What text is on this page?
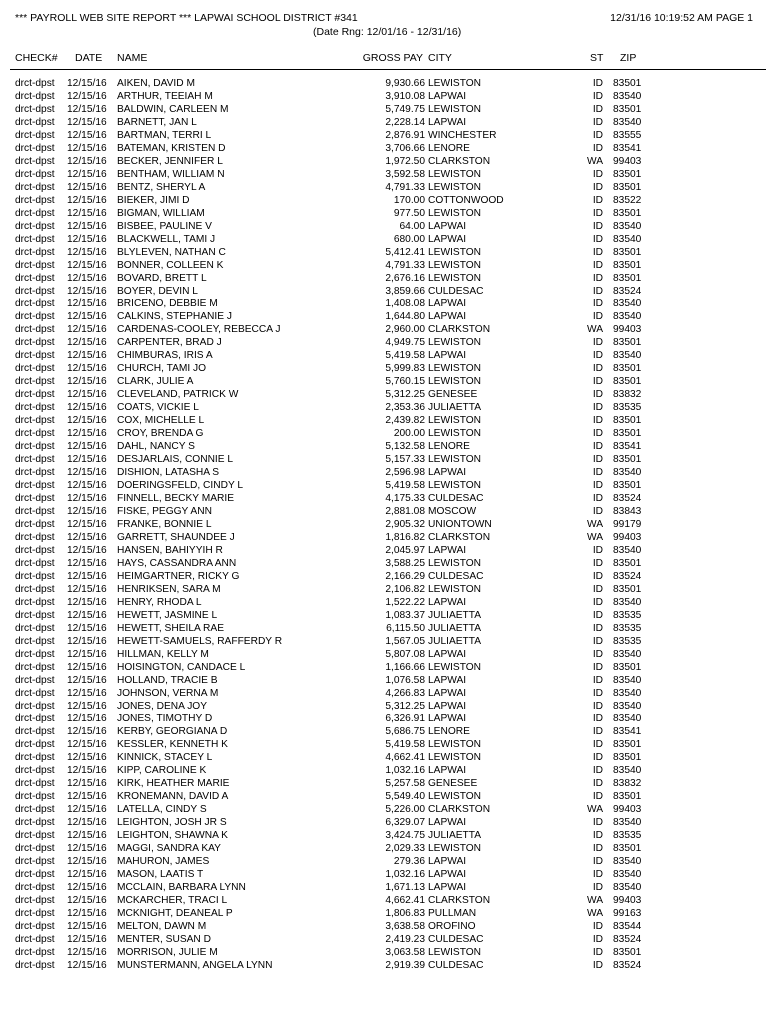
*** PAYROLL WEB SITE REPORT *** LAPWAI SCHOOL DISTRICT #341
(Date Rng: 12/01/16 - 12/31/16)
12/31/16 10:19:52 AM PAGE 1
CHECK# DATE NAME	GROSS PAY CITY	ST ZIP
drct-dpst 12/15/16 AIKEN, DAVID M	9,930.66 LEWISTON	ID 83501
drct-dpst 12/15/16 ARTHUR, TEEIAH M	3,910.08 LAPWAI	ID 83540
drct-dpst 12/15/16 BALDWIN, CARLEEN M	5,749.75 LEWISTON	ID 83501
drct-dpst 12/15/16 BARNETT, JAN L	2,228.14 LAPWAI	ID 83540
drct-dpst 12/15/16 BARTMAN, TERRI L	2,876.91 WINCHESTER	ID 83555
drct-dpst 12/15/16 BATEMAN, KRISTEN D	3,706.66 LENORE	ID 83541
drct-dpst 12/15/16 BECKER, JENNIFER L	1,972.50 CLARKSTON	WA 99403
drct-dpst 12/15/16 BENTHAM, WILLIAM N	3,592.58 LEWISTON	ID 83501
drct-dpst 12/15/16 BENTZ, SHERYL A	4,791.33 LEWISTON	ID 83501
drct-dpst 12/15/16 BIEKER, JIMI D	170.00 COTTONWOOD	ID 83522
drct-dpst 12/15/16 BIGMAN, WILLIAM	977.50 LEWISTON	ID 83501
drct-dpst 12/15/16 BISBEE, PAULINE V	64.00 LAPWAI	ID 83540
drct-dpst 12/15/16 BLACKWELL, TAMI J	680.00 LAPWAI	ID 83540
drct-dpst 12/15/16 BLYLEVEN, NATHAN C	5,412.41 LEWISTON	ID 83501
drct-dpst 12/15/16 BONNER, COLLEEN K	4,791.33 LEWISTON	ID 83501
drct-dpst 12/15/16 BOVARD, BRETT L	2,676.16 LEWISTON	ID 83501
drct-dpst 12/15/16 BOYER, DEVIN L	3,859.66 CULDESAC	ID 83524
drct-dpst 12/15/16 BRICENO, DEBBIE M	1,408.08 LAPWAI	ID 83540
drct-dpst 12/15/16 CALKINS, STEPHANIE J	1,644.80 LAPWAI	ID 83540
drct-dpst 12/15/16 CARDENAS-COOLEY, REBECCA J	2,960.00 CLARKSTON	WA 99403
drct-dpst 12/15/16 CARPENTER, BRAD J	4,949.75 LEWISTON	ID 83501
drct-dpst 12/15/16 CHIMBURAS, IRIS A	5,419.58 LAPWAI	ID 83540
drct-dpst 12/15/16 CHURCH, TAMI JO	5,999.83 LEWISTON	ID 83501
drct-dpst 12/15/16 CLARK, JULIE A	5,760.15 LEWISTON	ID 83501
drct-dpst 12/15/16 CLEVELAND, PATRICK W	5,312.25 GENESEE	ID 83832
drct-dpst 12/15/16 COATS, VICKIE L	2,353.36 JULIAETTA	ID 83535
drct-dpst 12/15/16 COX, MICHELLE L	2,439.82 LEWISTON	ID 83501
drct-dpst 12/15/16 CROY, BRENDA G	200.00 LEWISTON	ID 83501
drct-dpst 12/15/16 DAHL, NANCY S	5,132.58 LENORE	ID 83541
drct-dpst 12/15/16 DESJARLAIS, CONNIE L	5,157.33 LEWISTON	ID 83501
drct-dpst 12/15/16 DISHION, LATASHA S	2,596.98 LAPWAI	ID 83540
drct-dpst 12/15/16 DOERINGSFELD, CINDY L	5,419.58 LEWISTON	ID 83501
drct-dpst 12/15/16 FINNELL, BECKY MARIE	4,175.33 CULDESAC	ID 83524
drct-dpst 12/15/16 FISKE, PEGGY ANN	2,881.08 MOSCOW	ID 83843
drct-dpst 12/15/16 FRANKE, BONNIE L	2,905.32 UNIONTOWN	WA 99179
drct-dpst 12/15/16 GARRETT, SHAUNDEE J	1,816.82 CLARKSTON	WA 99403
drct-dpst 12/15/16 HANSEN, BAHIYYIH R	2,045.97 LAPWAI	ID 83540
drct-dpst 12/15/16 HAYS, CASSANDRA ANN	3,588.25 LEWISTON	ID 83501
drct-dpst 12/15/16 HEIMGARTNER, RICKY G	2,166.29 CULDESAC	ID 83524
drct-dpst 12/15/16 HENRIKSEN, SARA M	2,106.82 LEWISTON	ID 83501
drct-dpst 12/15/16 HENRY, RHODA L	1,522.22 LAPWAI	ID 83540
drct-dpst 12/15/16 HEWETT, JASMINE L	1,083.37 JULIAETTA	ID 83535
drct-dpst 12/15/16 HEWETT, SHEILA RAE	6,115.50 JULIAETTA	ID 83535
drct-dpst 12/15/16 HEWETT-SAMUELS, RAFFERDY R	1,567.05 JULIAETTA	ID 83535
drct-dpst 12/15/16 HILLMAN, KELLY M	5,807.08 LAPWAI	ID 83540
drct-dpst 12/15/16 HOISINGTON, CANDACE L	1,166.66 LEWISTON	ID 83501
drct-dpst 12/15/16 HOLLAND, TRACIE B	1,076.58 LAPWAI	ID 83540
drct-dpst 12/15/16 JOHNSON, VERNA M	4,266.83 LAPWAI	ID 83540
drct-dpst 12/15/16 JONES, DENA JOY	5,312.25 LAPWAI	ID 83540
drct-dpst 12/15/16 JONES, TIMOTHY D	6,326.91 LAPWAI	ID 83540
drct-dpst 12/15/16 KERBY, GEORGIANA D	5,686.75 LENORE	ID 83541
drct-dpst 12/15/16 KESSLER, KENNETH K	5,419.58 LEWISTON	ID 83501
drct-dpst 12/15/16 KINNICK, STACEY L	4,662.41 LEWISTON	ID 83501
drct-dpst 12/15/16 KIPP, CAROLINE K	1,032.16 LAPWAI	ID 83540
drct-dpst 12/15/16 KIRK, HEATHER MARIE	5,257.58 GENESEE	ID 83832
drct-dpst 12/15/16 KRONEMANN, DAVID A	5,549.40 LEWISTON	ID 83501
drct-dpst 12/15/16 LATELLA, CINDY S	5,226.00 CLARKSTON	WA 99403
drct-dpst 12/15/16 LEIGHTON, JOSH JR S	6,329.07 LAPWAI	ID 83540
drct-dpst 12/15/16 LEIGHTON, SHAWNA K	3,424.75 JULIAETTA	ID 83535
drct-dpst 12/15/16 MAGGI, SANDRA KAY	2,029.33 LEWISTON	ID 83501
drct-dpst 12/15/16 MAHURON, JAMES	279.36 LAPWAI	ID 83540
drct-dpst 12/15/16 MASON, LAATIS T	1,032.16 LAPWAI	ID 83540
drct-dpst 12/15/16 MCCLAIN, BARBARA LYNN	1,671.13 LAPWAI	ID 83540
drct-dpst 12/15/16 MCKARCHER, TRACI L	4,662.41 CLARKSTON	WA 99403
drct-dpst 12/15/16 MCKNIGHT, DEANEAL P	1,806.83 PULLMAN	WA 99163
drct-dpst 12/15/16 MELTON, DAWN M	3,638.58 OROFINO	ID 83544
drct-dpst 12/15/16 MENTER, SUSAN D	2,419.23 CULDESAC	ID 83524
drct-dpst 12/15/16 MORRISON, JULIE M	3,063.58 LEWISTON	ID 83501
drct-dpst 12/15/16 MUNSTERMANN, ANGELA LYNN	2,919.39 CULDESAC	ID 83524
